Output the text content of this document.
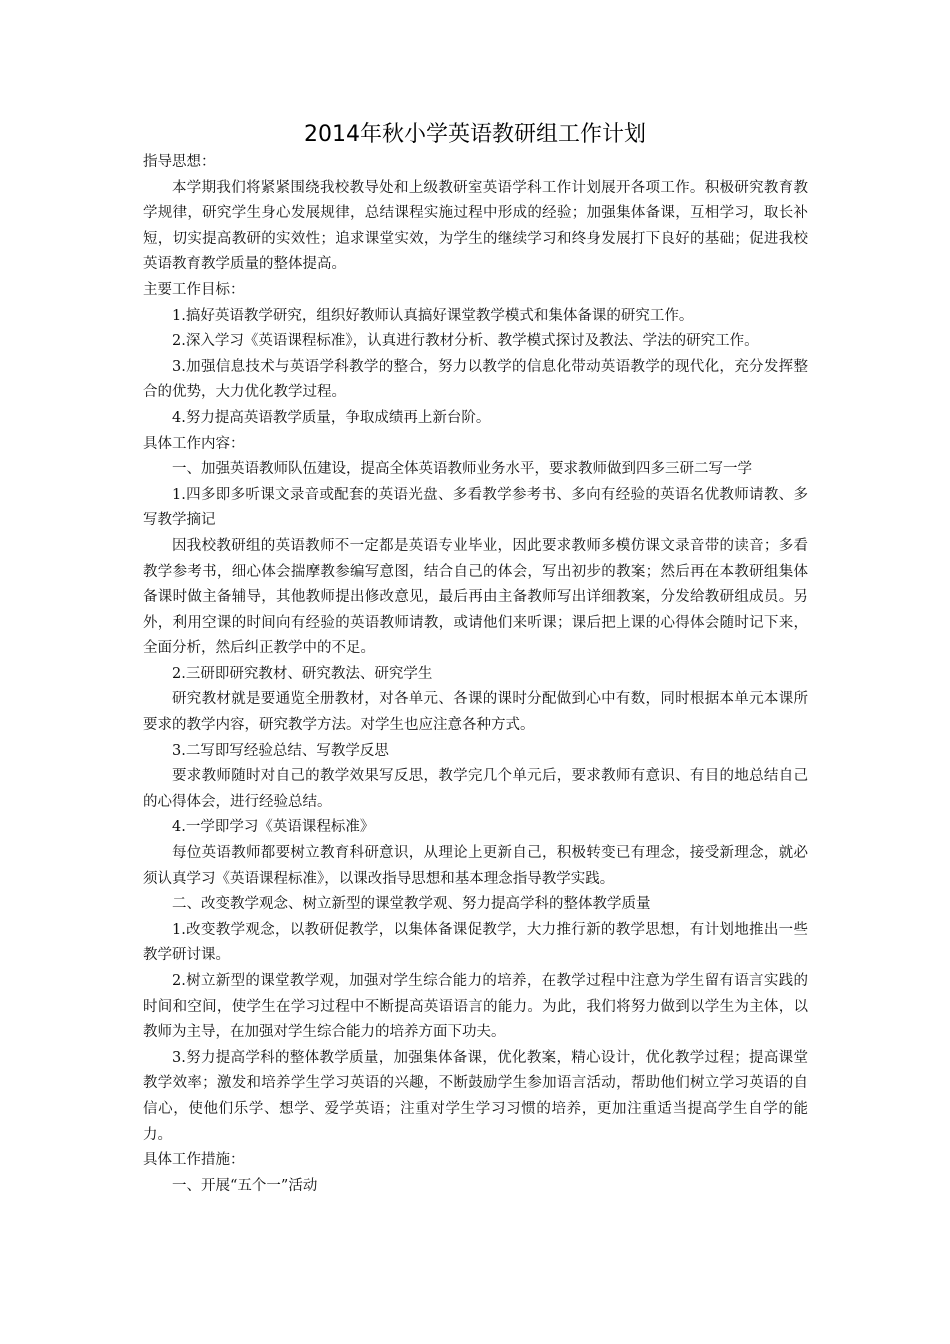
2014年秋小学英语教研组工作计划

指导思想：

本学期我们将紧紧围绕我校教导处和上级教研室英语学科工作计划展开各项工作。积极研究教育教学规律，研究学生身心发展规律，总结课程实施过程中形成的经验；加强集体备课，互相学习，取长补短，切实提高教研的实效性；追求课堂实效，为学生的继续学习和终身发展打下良好的基础；促进我校英语教育教学质量的整体提高。

主要工作目标：

1.搞好英语教学研究，组织好教师认真搞好课堂教学模式和集体备课的研究工作。

2.深入学习《英语课程标准》，认真进行教材分析、教学模式探讨及教法、学法的研究工作。

3.加强信息技术与英语学科教学的整合，努力以教学的信息化带动英语教学的现代化，充分发挥整合的优势，大力优化教学过程。

4.努力提高英语教学质量，争取成绩再上新台阶。

具体工作内容：

一、加强英语教师队伍建设，提高全体英语教师业务水平，要求教师做到四多三研二写一学

1.四多即多听课文录音或配套的英语光盘、多看教学参考书、多向有经验的英语名优教师请教、多写教学摘记

因我校教研组的英语教师不一定都是英语专业毕业，因此要求教师多模仿课文录音带的读音；多看教学参考书，细心体会揣摩教参编写意图，结合自己的体会，写出初步的教案；然后再在本教研组集体备课时做主备辅导，其他教师提出修改意见，最后再由主备教师写出详细教案，分发给教研组成员。另外，利用空课的时间向有经验的英语教师请教，或请他们来听课；课后把上课的心得体会随时记下来，全面分析，然后纠正教学中的不足。

2.三研即研究教材、研究教法、研究学生

研究教材就是要通览全册教材，对各单元、各课的课时分配做到心中有数，同时根据本单元本课所要求的教学内容，研究教学方法。对学生也应注意各种方式。

3.二写即写经验总结、写教学反思

要求教师随时对自己的教学效果写反思，教学完几个单元后，要求教师有意识、有目的地总结自己的心得体会，进行经验总结。

4.一学即学习《英语课程标准》

每位英语教师都要树立教育科研意识，从理论上更新自己，积极转变已有理念，接受新理念，就必须认真学习《英语课程标准》，以课改指导思想和基本理念指导教学实践。

二、改变教学观念、树立新型的课堂教学观、努力提高学科的整体教学质量

1.改变教学观念，以教研促教学，以集体备课促教学，大力推行新的教学思想，有计划地推出一些教学研讨课。

2.树立新型的课堂教学观，加强对学生综合能力的培养，在教学过程中注意为学生留有语言实践的时间和空间，使学生在学习过程中不断提高英语语言的能力。为此，我们将努力做到以学生为主体，以教师为主导，在加强对学生综合能力的培养方面下功夫。

3.努力提高学科的整体教学质量，加强集体备课，优化教案，精心设计，优化教学过程；提高课堂教学效率；激发和培养学生学习英语的兴趣，不断鼓励学生参加语言活动，帮助他们树立学习英语的自信心，使他们乐学、想学、爱学英语；注重对学生学习习惯的培养，更加注重适当提高学生自学的能力。

具体工作措施：

一、开展“五个一”活动
